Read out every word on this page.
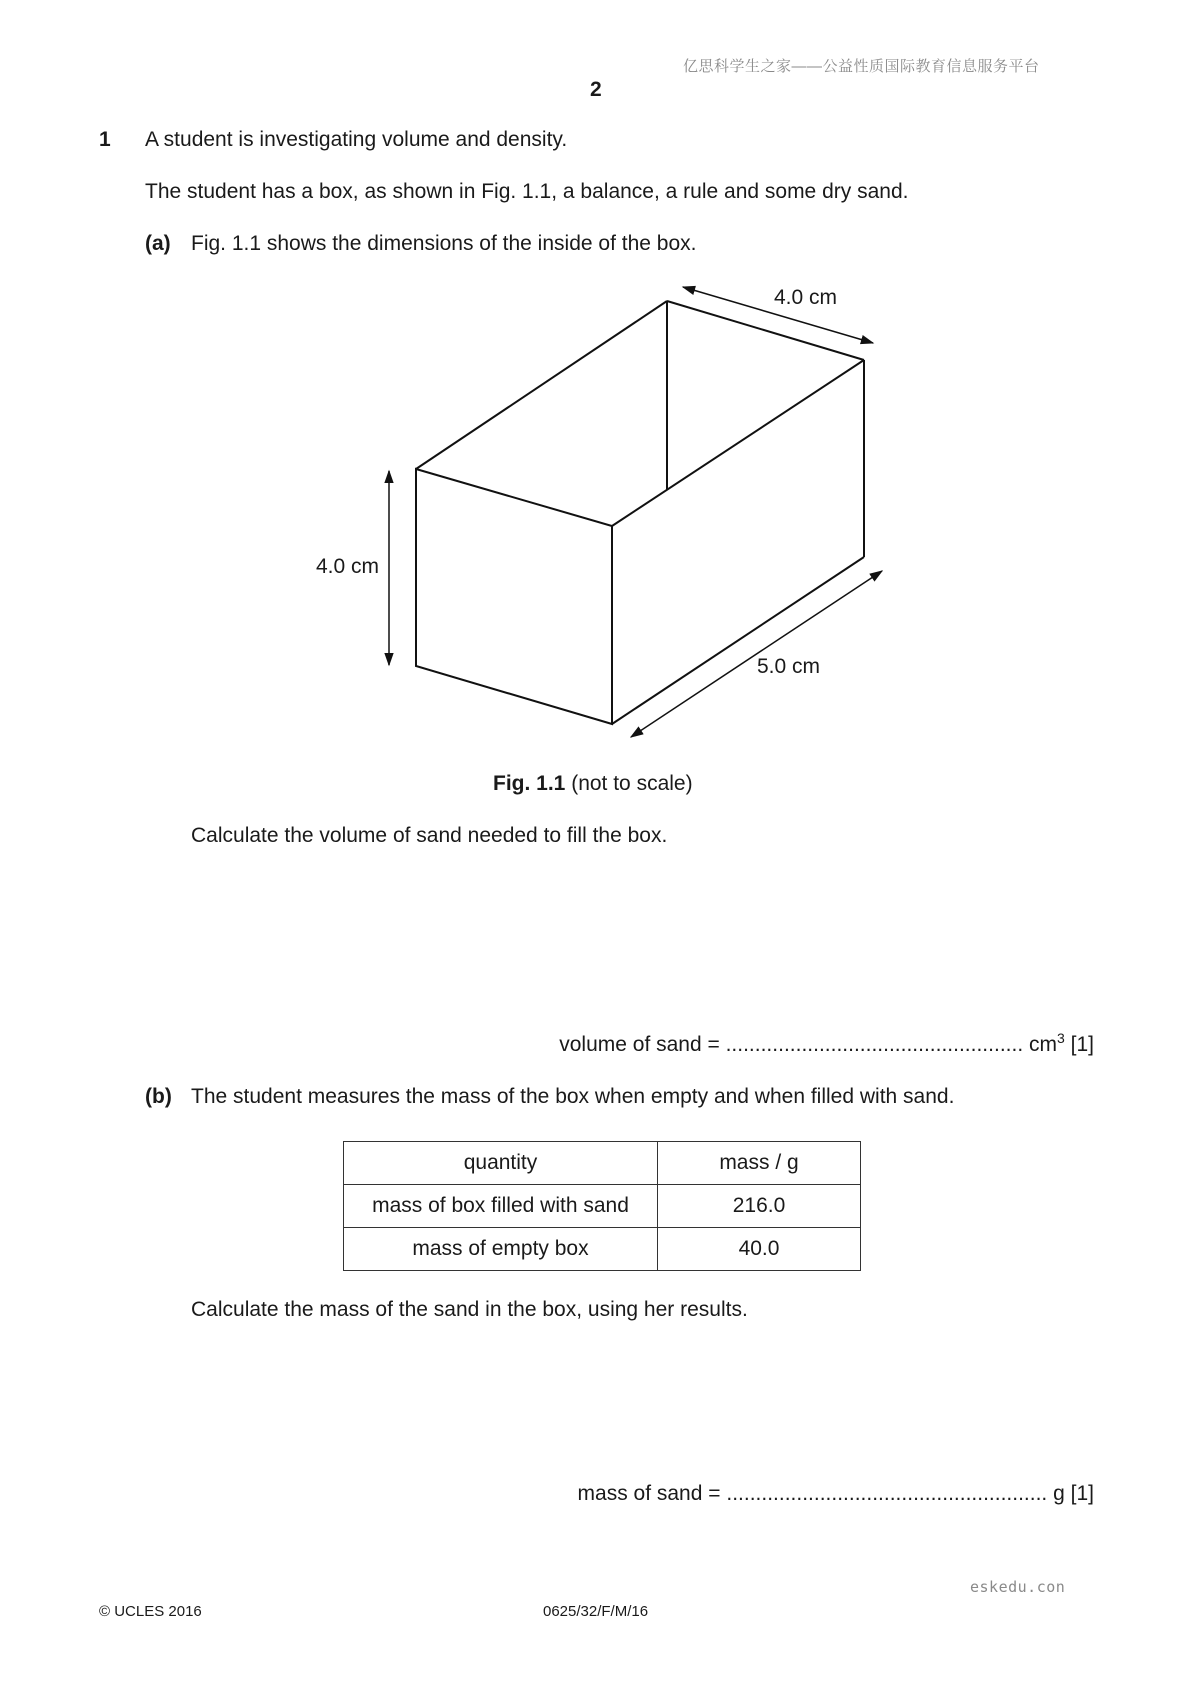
亿思科学生之家——公益性质国际教育信息服务平台
2
1 A student is investigating volume and density.
The student has a box, as shown in Fig. 1.1, a balance, a rule and some dry sand.
(a) Fig. 1.1 shows the dimensions of the inside of the box.
4.0 cm
4.0 cm
5.0 cm
Fig. 1.1 (not to scale)
Calculate the volume of sand needed to fill the box.
volume of sand = ................................................... $cm^3$ [1]
(b) The student measures the mass of the box when empty and when filled with sand.
quantity	mass / g
mass of box filled with sand	216.0
mass of empty box	40.0
Calculate the mass of the sand in the box, using her results.
mass of sand = ....................................................... g [1]
eskedu.con
© UCLES 2016	0625/32/F/M/16
